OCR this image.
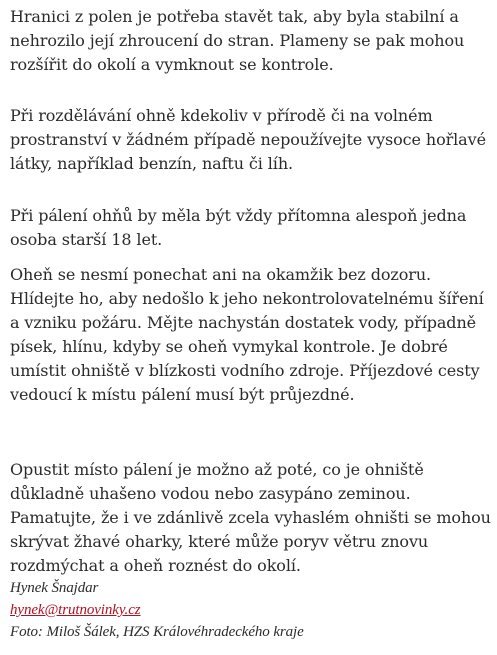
Hranici z polen je potřeba stavět tak, aby byla stabilní a nehrozilo její zhroucení do stran. Plameny se pak mohou rozšířit do okolí a vymknout se kontrole.

Při rozdělávání ohně kdekoliv v přírodě či na volném prostranství v žádném případě nepoužívejte vysoce hořlavé látky, například benzín, naftu či líh.

Při pálení ohňů by měla být vždy přítomna alespoň jedna osoba starší 18 let.

Oheň se nesmí ponechat ani na okamžik bez dozoru. Hlídejte ho, aby nedošlo k jeho nekontrolovatelnému šíření a vzniku požáru. Mějte nachystán dostatek vody, případně písek, hlínu, kdyby se oheň vymykal kontrole. Je dobré umístit ohniště v blízkosti vodního zdroje. Příjezdové cesty vedoucí k místu pálení musí být průjezdné.

Opustit místo pálení je možno až poté, co je ohniště důkladně uhašeno vodou nebo zasypáno zeminou. Pamatujte, že i ve zdánlivě zcela vyhaslém ohništi se mohou skrývat žhavé oharky, které může poryv větru znovu rozdmýchat a oheň roznést do okolí.

Hynek Šnajdar
hynek@trutnovinky.cz
Foto: Miloš Šálek, HZS Královéhradeckého kraje
